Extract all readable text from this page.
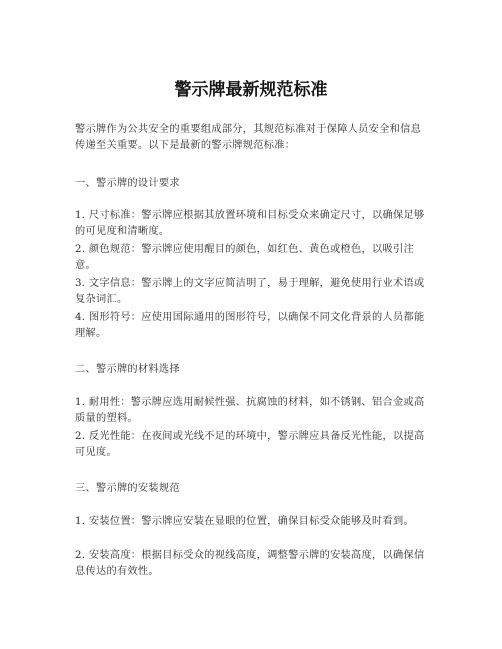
警示牌最新规范标准

警示牌作为公共安全的重要组成部分，其规范标准对于保障人员安全和信息传递至关重要。以下是最新的警示牌规范标准：

一、警示牌的设计要求

1. 尺寸标准：警示牌应根据其放置环境和目标受众来确定尺寸，以确保足够的可见度和清晰度。

2. 颜色规范：警示牌应使用醒目的颜色，如红色、黄色或橙色，以吸引注意。

3. 文字信息：警示牌上的文字应简洁明了，易于理解，避免使用行业术语或复杂词汇。

4. 图形符号：应使用国际通用的图形符号，以确保不同文化背景的人员都能理解。

二、警示牌的材料选择

1. 耐用性：警示牌应选用耐候性强、抗腐蚀的材料，如不锈钢、铝合金或高质量的塑料。

2. 反光性能：在夜间或光线不足的环境中，警示牌应具备反光性能，以提高可见度。

三、警示牌的安装规范

1. 安装位置：警示牌应安装在显眼的位置，确保目标受众能够及时看到。

2. 安装高度：根据目标受众的视线高度，调整警示牌的安装高度，以确保信息传达的有效性。
